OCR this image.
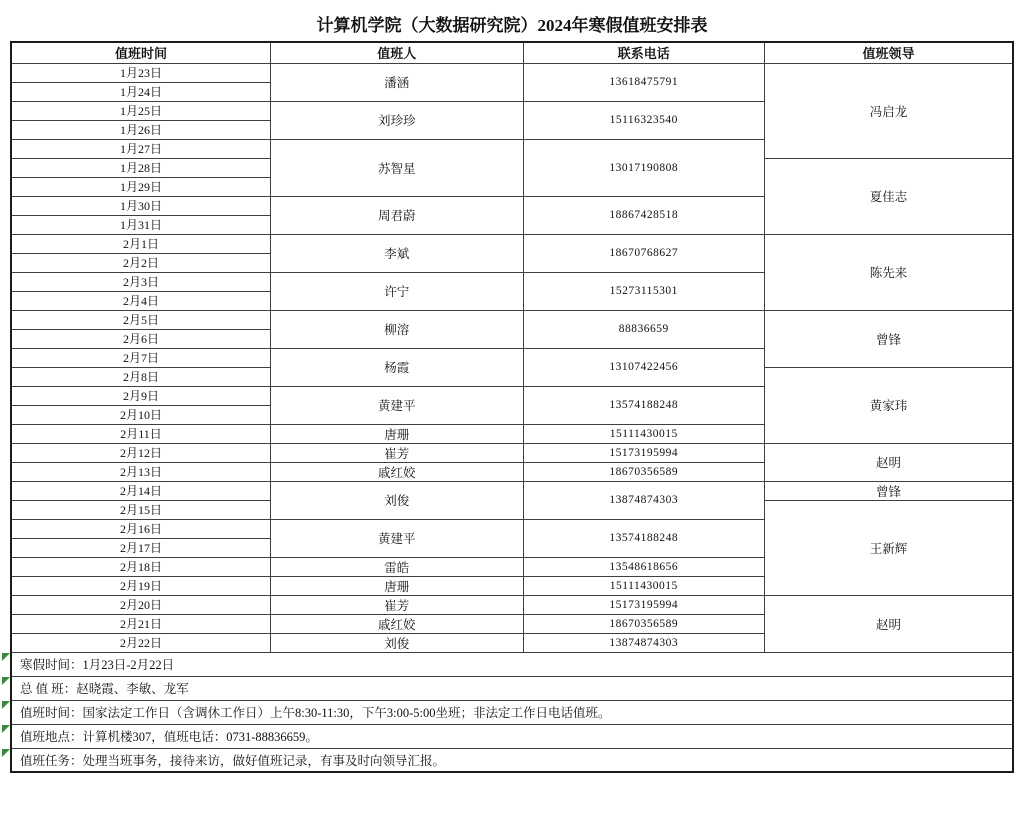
计算机学院（大数据研究院）2024年寒假值班安排表
值班时间	值班人	联系电话	值班领导
1月23日	潘涵	13618475791	冯启龙
1月24日			
1月25日	刘珍珍	15116323540	
1月26日			
1月27日	苏智星	13017190808	
1月28日			夏佳志
1月29日			
1月30日	周君蔚	18867428518	
1月31日			
2月1日	李斌	18670768627	陈先来
2月2日			
2月3日	许宁	15273115301	
2月4日			
2月5日	柳溶	88836659	曾锋
2月6日			
2月7日	杨霞	13107422456	
2月8日			黄家玮
2月9日	黄建平	13574188248	
2月10日			
2月11日	唐珊	15111430015	
2月12日	崔芳	15173195994	赵明
2月13日	戚红姣	18670356589	
2月14日	刘俊	13874874303	曾锋
2月15日			王新辉
2月16日	黄建平	13574188248	
2月17日			
2月18日	雷皓	13548618656	
2月19日	唐珊	15111430015	
2月20日	崔芳	15173195994	赵明
2月21日	戚红姣	18670356589	
2月22日	刘俊	13874874303	

寒假时间：1月23日-2月22日			

总 值 班：赵晓霞、李敏、龙军			

值班时间：国家法定工作日（含调休工作日）上午8:30-11:30，下午3:00-5:00坐班；非法定工作日电话值班。			

值班地点：计算机楼307，值班电话：0731-88836659。			

值班任务：处理当班事务，接待来访，做好值班记录，有事及时向领导汇报。			
